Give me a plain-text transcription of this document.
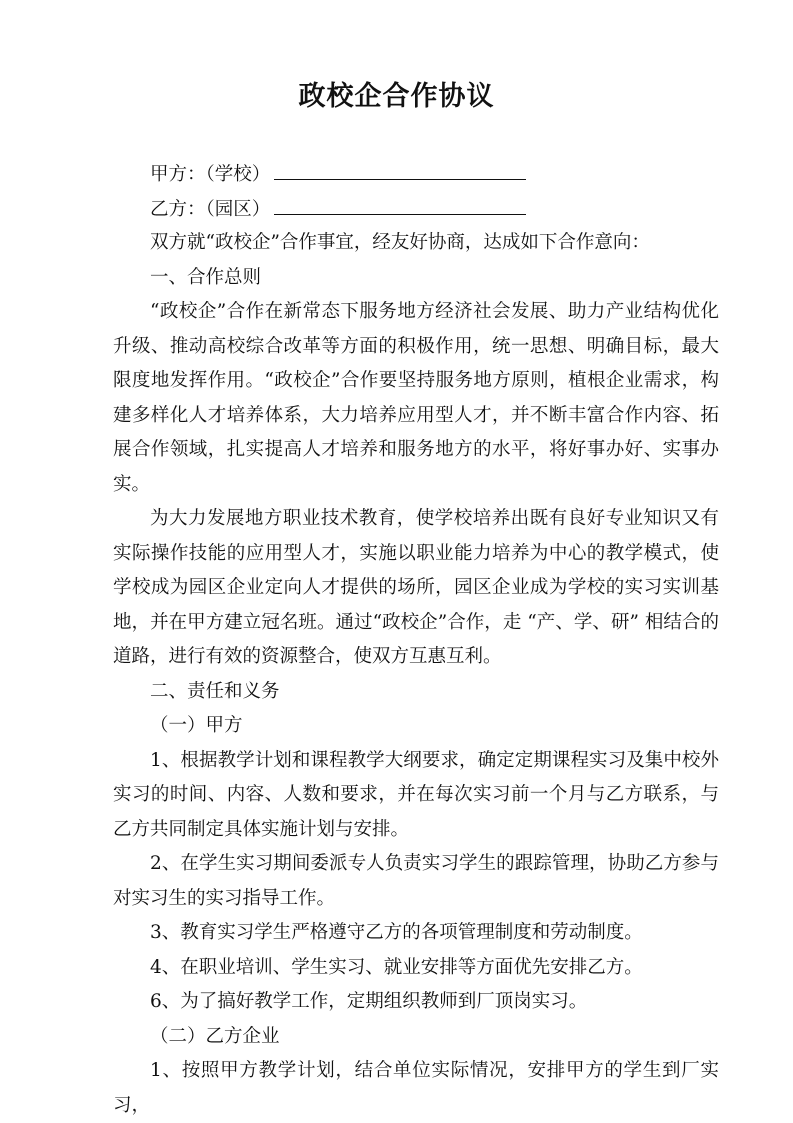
政校企合作协议
甲方：（学校）
乙方：（园区）

双方就“政校企”合作事宜，经友好协商，达成如下合作意向：

一、合作总则

“政校企”合作在新常态下服务地方经济社会发展、助力产业结构优化升级、推动高校综合改革等方面的积极作用，统一思想、明确目标，最大限度地发挥作用。“政校企”合作要坚持服务地方原则，植根企业需求，构建多样化人才培养体系，大力培养应用型人才，并不断丰富合作内容、拓展合作领域，扎实提高人才培养和服务地方的水平，将好事办好、实事办实。

为大力发展地方职业技术教育，使学校培养出既有良好专业知识又有实际操作技能的应用型人才，实施以职业能力培养为中心的教学模式，使学校成为园区企业定向人才提供的场所，园区企业成为学校的实习实训基地，并在甲方建立冠名班。通过“政校企”合作，走 “产、学、研” 相结合的道路，进行有效的资源整合，使双方互惠互利。

二、责任和义务

（一）甲方

1、根据教学计划和课程教学大纲要求，确定定期课程实习及集中校外实习的时间、内容、人数和要求，并在每次实习前一个月与乙方联系，与乙方共同制定具体实施计划与安排。

2、在学生实习期间委派专人负责实习学生的跟踪管理，协助乙方参与对实习生的实习指导工作。

3、教育实习学生严格遵守乙方的各项管理制度和劳动制度。

4、在职业培训、学生实习、就业安排等方面优先安排乙方。

6、为了搞好教学工作，定期组织教师到厂顶岗实习。

（二）乙方企业

1、按照甲方教学计划，结合单位实际情况，安排甲方的学生到厂实习，
